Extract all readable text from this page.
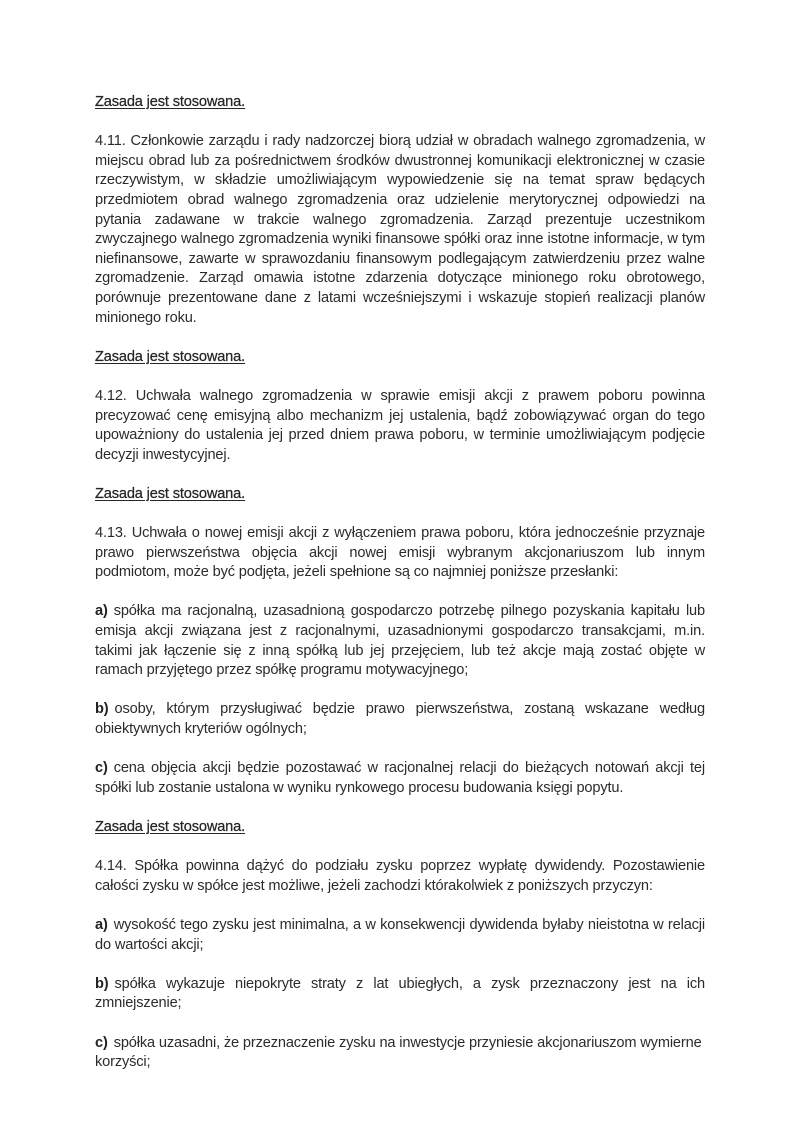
Zasada jest stosowana.

4.11. Członkowie zarządu i rady nadzorczej biorą udział w obradach walnego zgromadzenia, w miejscu obrad lub za pośrednictwem środków dwustronnej komunikacji elektronicznej w czasie rzeczywistym, w składzie umożliwiającym wypowiedzenie się na temat spraw będących przedmiotem obrad walnego zgromadzenia oraz udzielenie merytorycznej odpowiedzi na pytania zadawane w trakcie walnego zgromadzenia. Zarząd prezentuje uczestnikom zwyczajnego walnego zgromadzenia wyniki finansowe spółki oraz inne istotne informacje, w tym niefinansowe, zawarte w sprawozdaniu finansowym podlegającym zatwierdzeniu przez walne zgromadzenie. Zarząd omawia istotne zdarzenia dotyczące minionego roku obrotowego, porównuje prezentowane dane z latami wcześniejszymi i wskazuje stopień realizacji planów minionego roku.

Zasada jest stosowana.

4.12. Uchwała walnego zgromadzenia w sprawie emisji akcji z prawem poboru powinna precyzować cenę emisyjną albo mechanizm jej ustalenia, bądź zobowiązywać organ do tego upoważniony do ustalenia jej przed dniem prawa poboru, w terminie umożliwiającym podjęcie decyzji inwestycyjnej.

Zasada jest stosowana.

4.13. Uchwała o nowej emisji akcji z wyłączeniem prawa poboru, która jednocześnie przyznaje prawo pierwszeństwa objęcia akcji nowej emisji wybranym akcjonariuszom lub innym podmiotom, może być podjęta, jeżeli spełnione są co najmniej poniższe przesłanki:

a) spółka ma racjonalną, uzasadnioną gospodarczo potrzebę pilnego pozyskania kapitału lub emisja akcji związana jest z racjonalnymi, uzasadnionymi gospodarczo transakcjami, m.in. takimi jak łączenie się z inną spółką lub jej przejęciem, lub też akcje mają zostać objęte w ramach przyjętego przez spółkę programu motywacyjnego;

b) osoby, którym przysługiwać będzie prawo pierwszeństwa, zostaną wskazane według obiektywnych kryteriów ogólnych;

c) cena objęcia akcji będzie pozostawać w racjonalnej relacji do bieżących notowań akcji tej spółki lub zostanie ustalona w wyniku rynkowego procesu budowania księgi popytu.

Zasada jest stosowana.

4.14. Spółka powinna dążyć do podziału zysku poprzez wypłatę dywidendy. Pozostawienie całości zysku w spółce jest możliwe, jeżeli zachodzi którakolwiek z poniższych przyczyn:

a) wysokość tego zysku jest minimalna, a w konsekwencji dywidenda byłaby nieistotna w relacji do wartości akcji;

b) spółka wykazuje niepokryte straty z lat ubiegłych, a zysk przeznaczony jest na ich zmniejszenie;

c) spółka uzasadni, że przeznaczenie zysku na inwestycje przyniesie akcjonariuszom wymierne korzyści;
